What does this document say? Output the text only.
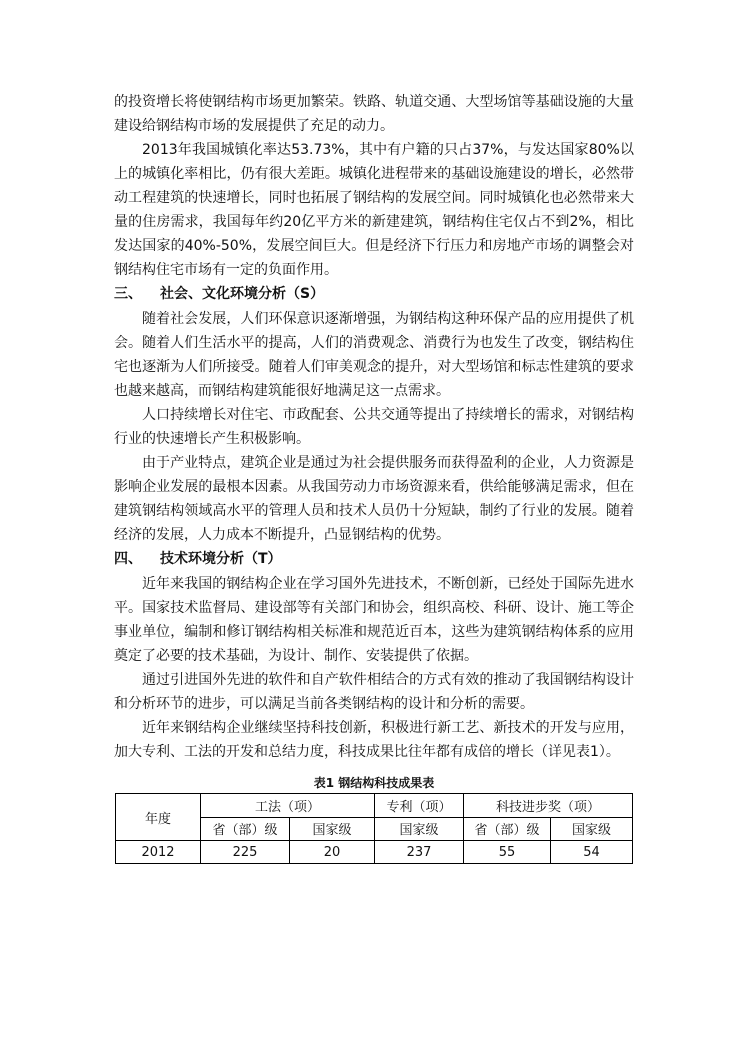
的投资增长将使钢结构市场更加繁荣。铁路、轨道交通、大型场馆等基础设施的大量建设给钢结构市场的发展提供了充足的动力。

2013年我国城镇化率达53.73%，其中有户籍的只占37%，与发达国家80%以上的城镇化率相比，仍有很大差距。城镇化进程带来的基础设施建设的增长，必然带动工程建筑的快速增长，同时也拓展了钢结构的发展空间。同时城镇化也必然带来大量的住房需求，我国每年约20亿平方米的新建建筑，钢结构住宅仅占不到2%，相比发达国家的40%-50%，发展空间巨大。但是经济下行压力和房地产市场的调整会对钢结构住宅市场有一定的负面作用。

三、	社会、文化环境分析（S）

随着社会发展，人们环保意识逐渐增强，为钢结构这种环保产品的应用提供了机会。随着人们生活水平的提高，人们的消费观念、消费行为也发生了改变，钢结构住宅也逐渐为人们所接受。随着人们审美观念的提升，对大型场馆和标志性建筑的要求也越来越高，而钢结构建筑能很好地满足这一点需求。

人口持续增长对住宅、市政配套、公共交通等提出了持续增长的需求，对钢结构行业的快速增长产生积极影响。

由于产业特点，建筑企业是通过为社会提供服务而获得盈利的企业，人力资源是影响企业发展的最根本因素。从我国劳动力市场资源来看，供给能够满足需求，但在建筑钢结构领域高水平的管理人员和技术人员仍十分短缺，制约了行业的发展。随着经济的发展，人力成本不断提升，凸显钢结构的优势。

四、	技术环境分析（T）

近年来我国的钢结构企业在学习国外先进技术，不断创新，已经处于国际先进水平。国家技术监督局、建设部等有关部门和协会，组织高校、科研、设计、施工等企事业单位，编制和修订钢结构相关标准和规范近百本，这些为建筑钢结构体系的应用奠定了必要的技术基础，为设计、制作、安装提供了依据。

通过引进国外先进的软件和自产软件相结合的方式有效的推动了我国钢结构设计和分析环节的进步，可以满足当前各类钢结构的设计和分析的需要。

近年来钢结构企业继续坚持科技创新，积极进行新工艺、新技术的开发与应用，加大专利、工法的开发和总结力度，科技成果比往年都有成倍的增长（详见表1）。

表1 钢结构科技成果表
年度	工法（项）		专利（项）	科技进步奖（项）	
	省（部）级	国家级	国家级	省（部）级	国家级
2012	225	20	237	55	54
